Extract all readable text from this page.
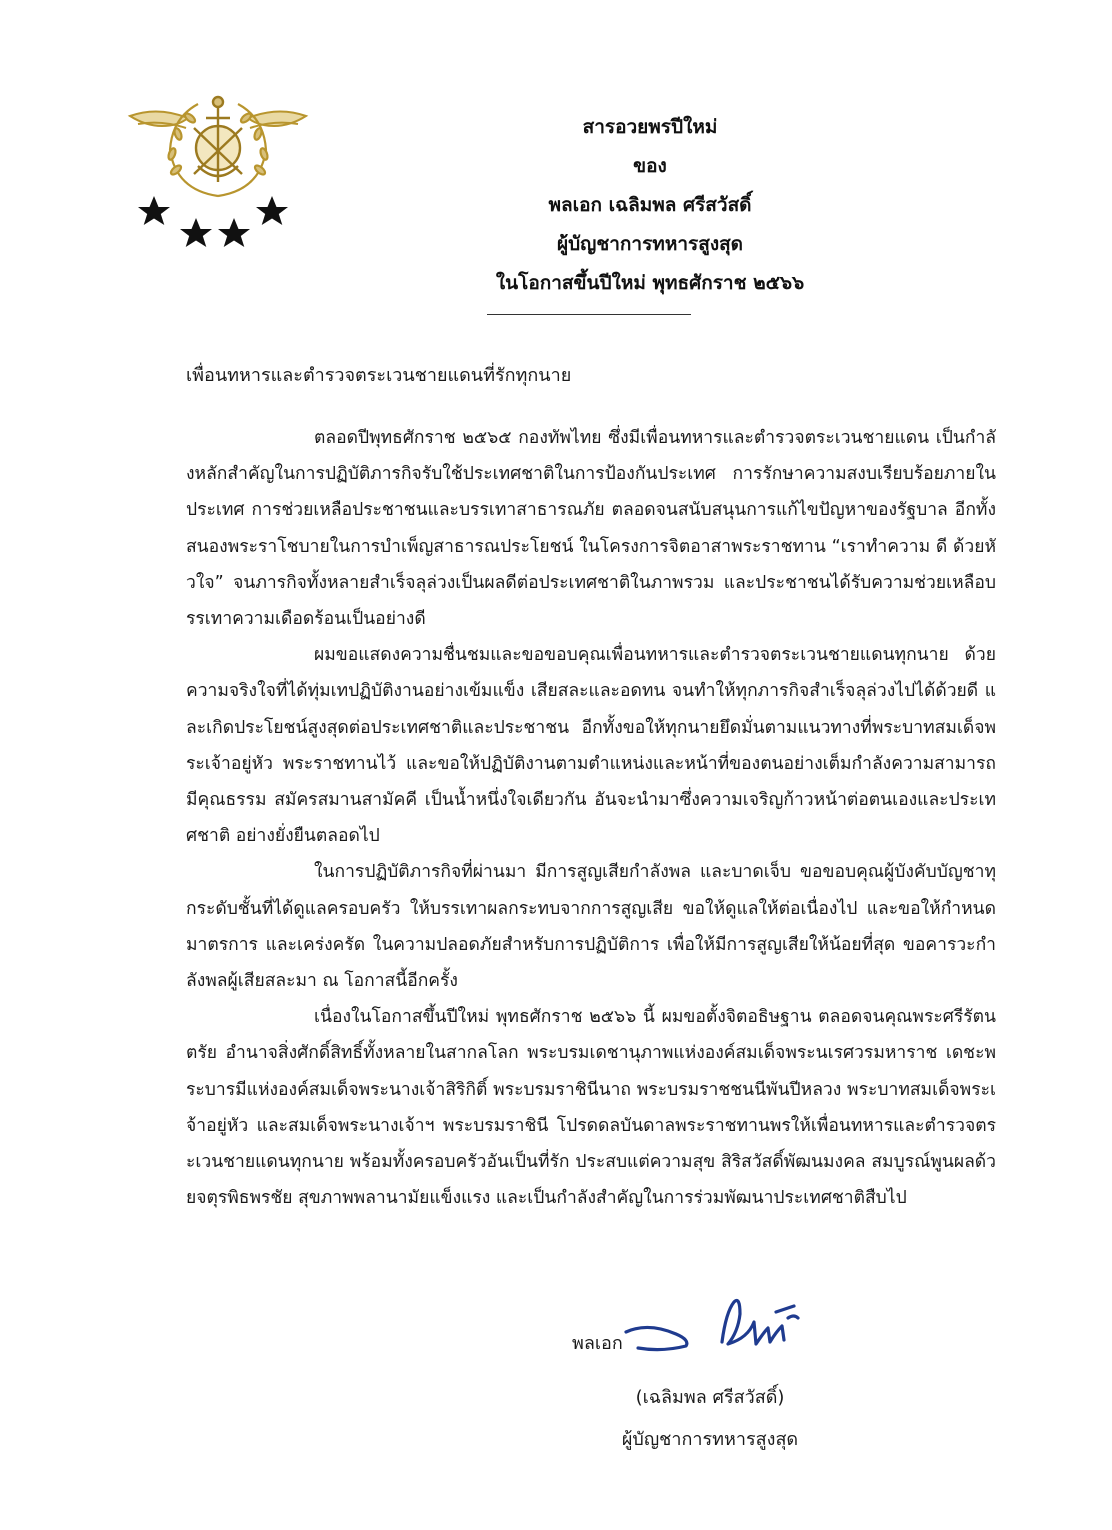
สารอวยพรปีใหม่
ของ
พลเอก เฉลิมพล ศรีสวัสดิ์
ผู้บัญชาการทหารสูงสุด
ในโอกาสขึ้นปีใหม่ พุทธศักราช ๒๕๖๖
เพื่อนทหารและตำรวจตระเวนชายแดนที่รักทุกนาย

ตลอดปีพุทธศักราช ๒๕๖๕ กองทัพไทย ซึ่งมีเพื่อนทหารและตำรวจตระเวนชายแดน เป็นกำลังหลักสำคัญในการปฏิบัติภารกิจรับใช้ประเทศชาติในการป้องกันประเทศ การรักษาความสงบเรียบร้อยภายในประเทศ การช่วยเหลือประชาชนและบรรเทาสาธารณภัย ตลอดจนสนับสนุนการแก้ไขปัญหาของรัฐบาล อีกทั้งสนองพระราโชบายในการบำเพ็ญสาธารณประโยชน์ ในโครงการจิตอาสาพระราชทาน “เราทำความ ดี ด้วยหัวใจ” จนภารกิจทั้งหลายสำเร็จลุล่วงเป็นผลดีต่อประเทศชาติในภาพรวม และประชาชนได้รับความช่วยเหลือบรรเทาความเดือดร้อนเป็นอย่างดี

ผมขอแสดงความชื่นชมและขอขอบคุณเพื่อนทหารและตำรวจตระเวนชายแดนทุกนาย ด้วยความจริงใจที่ได้ทุ่มเทปฏิบัติงานอย่างเข้มแข็ง เสียสละและอดทน จนทำให้ทุกภารกิจสำเร็จลุล่วงไปได้ด้วยดี และเกิดประโยชน์สูงสุดต่อประเทศชาติและประชาชน อีกทั้งขอให้ทุกนายยึดมั่นตามแนวทางที่พระบาทสมเด็จพระเจ้าอยู่หัว พระราชทานไว้ และขอให้ปฏิบัติงานตามตำแหน่งและหน้าที่ของตนอย่างเต็มกำลังความสามารถ มีคุณธรรม สมัครสมานสามัคคี เป็นน้ำหนึ่งใจเดียวกัน อันจะนำมาซึ่งความเจริญก้าวหน้าต่อตนเองและประเทศชาติ อย่างยั่งยืนตลอดไป

ในการปฏิบัติภารกิจที่ผ่านมา มีการสูญเสียกำลังพล และบาดเจ็บ ขอขอบคุณผู้บังคับบัญชาทุกระดับชั้นที่ได้ดูแลครอบครัว ให้บรรเทาผลกระทบจากการสูญเสีย ขอให้ดูแลให้ต่อเนื่องไป และขอให้กำหนดมาตรการ และเคร่งครัด ในความปลอดภัยสำหรับการปฏิบัติการ เพื่อให้มีการสูญเสียให้น้อยที่สุด ขอคารวะกำลังพลผู้เสียสละมา ณ โอกาสนี้อีกครั้ง

เนื่องในโอกาสขึ้นปีใหม่ พุทธศักราช ๒๕๖๖ นี้ ผมขอตั้งจิตอธิษฐาน ตลอดจนคุณพระศรีรัตนตรัย อำนาจสิ่งศักดิ์สิทธิ์ทั้งหลายในสากลโลก พระบรมเดชานุภาพแห่งองค์สมเด็จพระนเรศวรมหาราช เดชะพระบารมีแห่งองค์สมเด็จพระนางเจ้าสิริกิติ์ พระบรมราชินีนาถ พระบรมราชชนนีพันปีหลวง พระบาทสมเด็จพระเจ้าอยู่หัว และสมเด็จพระนางเจ้าฯ พระบรมราชินี โปรดดลบันดาลพระราชทานพรให้เพื่อนทหารและตำรวจตระเวนชายแดนทุกนาย พร้อมทั้งครอบครัวอันเป็นที่รัก ประสบแต่ความสุข สิริสวัสดิ์พัฒนมงคล สมบูรณ์พูนผลด้วยจตุรพิธพรชัย สุขภาพพลานามัยแข็งแรง และเป็นกำลังสำคัญในการร่วมพัฒนาประเทศชาติสืบไป

พลเอก
(เฉลิมพล ศรีสวัสดิ์)
ผู้บัญชาการทหารสูงสุด
